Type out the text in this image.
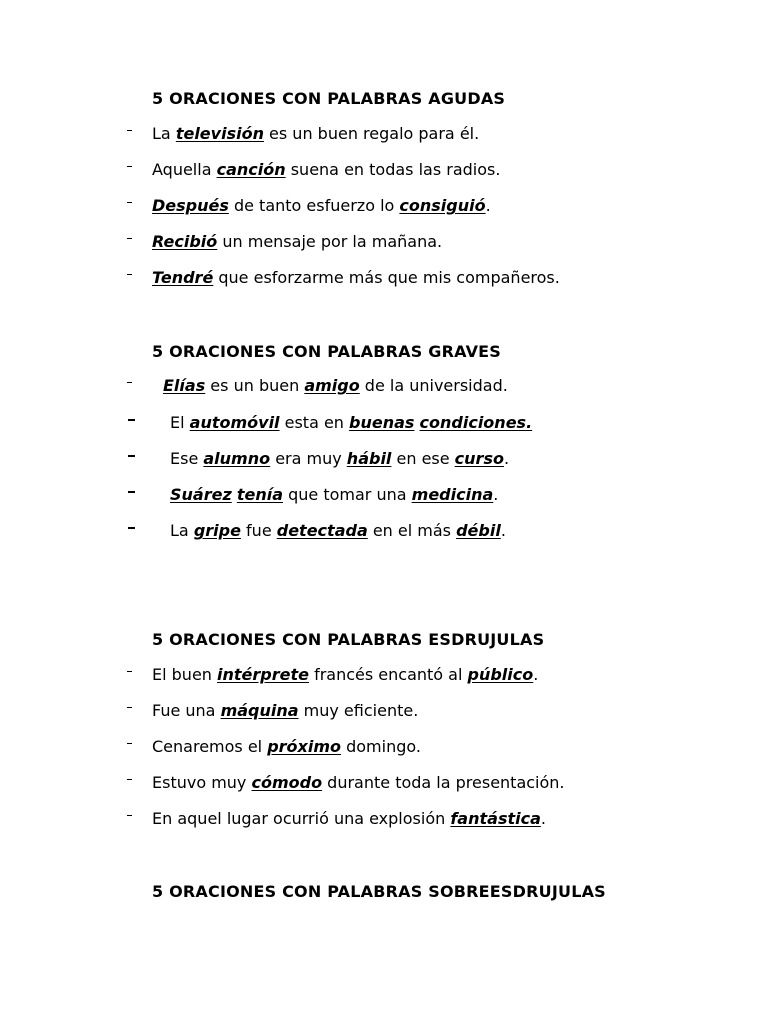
5 ORACIONES CON PALABRAS AGUDAS
La televisión es un buen regalo para él.
Aquella canción suena en todas las radios.
Después de tanto esfuerzo lo consiguió.
Recibió un mensaje por la mañana.
Tendré que esforzarme más que mis compañeros.
5 ORACIONES CON PALABRAS GRAVES
Elías es un buen amigo de la universidad.
El automóvil esta en buenas condiciones.
Ese alumno era muy hábil en ese curso.
Suárez tenía que tomar una medicina.
La gripe fue detectada en el más débil.
5 ORACIONES CON PALABRAS ESDRUJULAS
El buen intérprete francés encantó al público.
Fue una máquina muy eficiente.
Cenaremos el próximo domingo.
Estuvo muy cómodo durante toda la presentación.
En aquel lugar ocurrió una explosión fantástica.
5 ORACIONES CON PALABRAS SOBREESDRUJULAS
